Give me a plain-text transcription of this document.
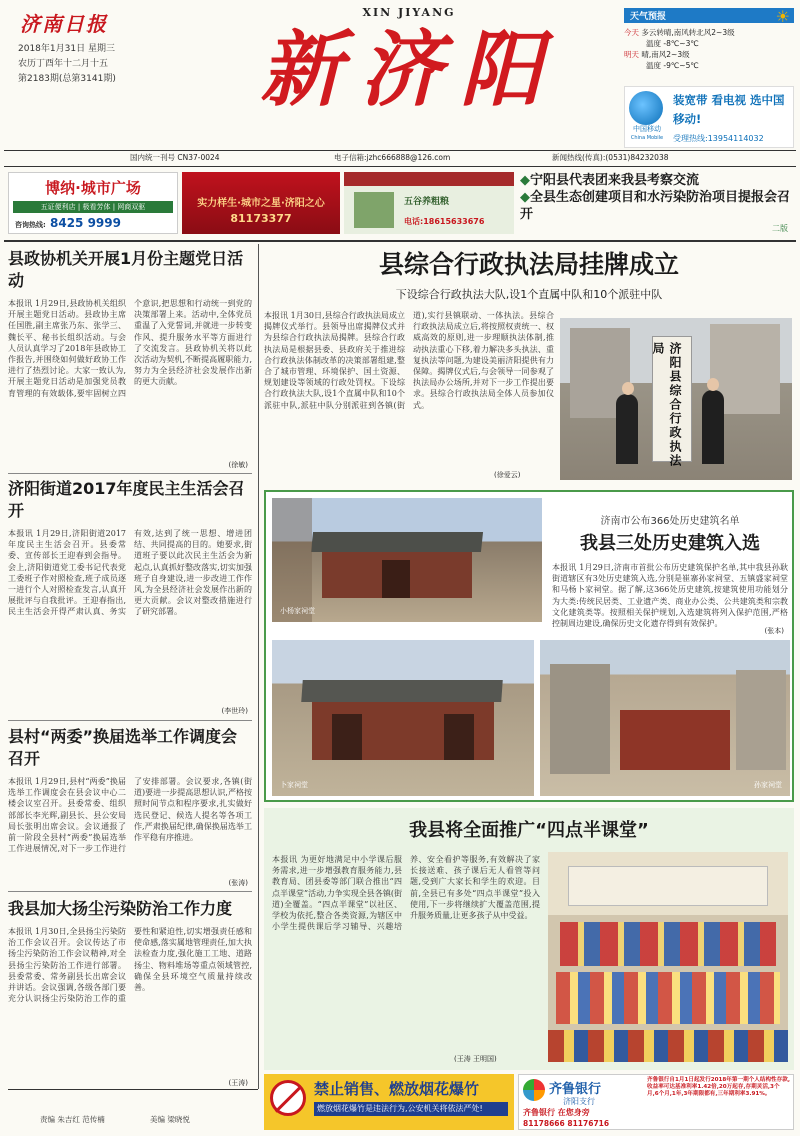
济南日报
2018年1月31日 星期三
农历丁酉年十二月十五
第2183期(总第3141期)
XIN JIYANG
新济阳
天气预报	☀
今天 多云转晴,南风转北风2~3级
温度 -8℃~3℃
明天 晴,南风2~3级
温度 -9℃~5℃
中国移动
China Mobile
装宽带 看电视 选中国移动!
受理热线:13954114032
国内统一刊号 CN37-0024	电子信箱:jzhc666888@126.com	新闻热线(传真):(0531)84232038
博纳·城市广场
五证便利店 | 极看芳体 | 网商双驱
咨询热线: 8425 9999
实力样生·城市之星·济阳之心
81173377
五谷养粗粮
电话:18615633676
◆宁阳县代表团来我县考察交流
◆全县生态创建项目和水污染防治项目提报会召开
二版
县政协机关开展1月份主题党日活动
本报讯 1月29日,县政协机关组织开展主题党日活动。县政协主席任国胜,副主席张乃东、张学三、魏长平、秘书长组织活动。与会人员认真学习了2018年县政协工作报告,并围绕如何做好政协工作进行了热烈讨论。大家一致认为,开展主题党日活动是加强党员教育管理的有效载体,要牢固树立四个意识,把思想和行动统一到党的决策部署上来。活动中,全体党员重温了入党誓词,并就进一步转变作风、提升服务水平等方面进行了交流发言。县政协机关将以此次活动为契机,不断提高履职能力,努力为全县经济社会发展作出新的更大贡献。
(徐敏)
济阳街道2017年度民主生活会召开
本报讯 1月29日,济阳街道2017年度民主生活会召开。县委常委、宣传部长王迎春到会指导。会上,济阳街道党工委书记代表党工委班子作对照检查,班子成员逐一进行个人对照检查发言,认真开展批评与自我批评。王迎春指出,民主生活会开得严肃认真、务实有效,达到了统一思想、增进团结、共同提高的目的。她要求,街道班子要以此次民主生活会为新起点,认真抓好整改落实,切实加强班子自身建设,进一步改进工作作风,为全县经济社会发展作出新的更大贡献。会议对整改措施进行了研究部署。
(李世玲)
县村“两委”换届选举工作调度会召开
本报讯 1月29日,县村“两委”换届选举工作调度会在县会议中心二楼会议室召开。县委常委、组织部部长李光辉,副县长、县公安局局长张明出席会议。会议通报了前一阶段全县村“两委”换届选举工作进展情况,对下一步工作进行了安排部署。会议要求,各镇(街道)要进一步提高思想认识,严格按照时间节点和程序要求,扎实做好选民登记、候选人提名等各项工作,严肃换届纪律,确保换届选举工作平稳有序推进。
(张涛)
我县加大扬尘污染防治工作力度
本报讯 1月30日,全县扬尘污染防治工作会议召开。会议传达了市扬尘污染防治工作会议精神,对全县扬尘污染防治工作进行部署。县委常委、常务副县长出席会议并讲话。会议强调,各级各部门要充分认识扬尘污染防治工作的重要性和紧迫性,切实增强责任感和使命感,落实属地管理责任,加大执法检查力度,强化施工工地、道路扬尘、物料堆场等重点领域管控,确保全县环境空气质量持续改善。
(王涛)
县综合行政执法局挂牌成立
下设综合行政执法大队,设1个直属中队和10个派驻中队
本报讯 1月30日,县综合行政执法局成立揭牌仪式举行。县领导出席揭牌仪式并为县综合行政执法局揭牌。县综合行政执法局是根据县委、县政府关于推进综合行政执法体制改革的决策部署组建,整合了城市管理、环境保护、国土资源、规划建设等领域的行政处罚权。下设综合行政执法大队,设1个直属中队和10个派驻中队,派驻中队分别派驻到各镇(街道),实行县镇联动、一体执法。县综合行政执法局成立后,将按照权责统一、权威高效的原则,进一步理顺执法体制,推动执法重心下移,着力解决多头执法、重复执法等问题,为建设美丽济阳提供有力保障。揭牌仪式后,与会领导一同参观了执法局办公场所,并对下一步工作提出要求。县综合行政执法局全体人员参加仪式。
(徐爱云)
济阳县综合行政执法局
小杨家祠堂
济南市公布366处历史建筑名单
我县三处历史建筑入选
本报讯 1月29日,济南市首批公布历史建筑保护名单,其中我县孙耿街道辖区有3处历史建筑入选,分别是崔寨孙家祠堂、五镇盛家祠堂和马杨卜家祠堂。据了解,这366处历史建筑,按建筑使用功能划分为大类:传统民居类、工业遗产类、商业办公类、公共建筑类和宗教文化建筑类等。按照相关保护规划,入选建筑将列入保护范围,严格控制周边建设,确保历史文化遗存得到有效保护。
(张本)
卜家祠堂	孙家祠堂
我县将全面推广“四点半课堂”
本报讯 为更好地满足中小学课后服务需求,进一步增强教育服务能力,县教育局、团县委等部门联合推出“四点半课堂”活动,力争实现全县各镇(街道)全覆盖。“四点半课堂”以社区、学校为依托,整合各类资源,为辖区中小学生提供课后学习辅导、兴趣培养、安全看护等服务,有效解决了家长接送难、孩子课后无人看管等问题,受到广大家长和学生的欢迎。目前,全县已有多处“四点半课堂”投入使用,下一步将继续扩大覆盖范围,提升服务质量,让更多孩子从中受益。
(王涛 王明国)
禁止销售、燃放烟花爆竹
燃放烟花爆竹是违法行为,公安机关将依法严处!
齐鲁银行
济阳支行
齐鲁银行 在您身旁
81178666 81176716
齐鲁银行自1月1日起发行2018年第一期个人结构性存款,收益率可达基准利率1.42倍,20万起存,存期灵活,3个月,6个月,1年,3年期限都有,三年期利率3.91%。
责编 朱吉红 范传楠	美编 梁晓悦
